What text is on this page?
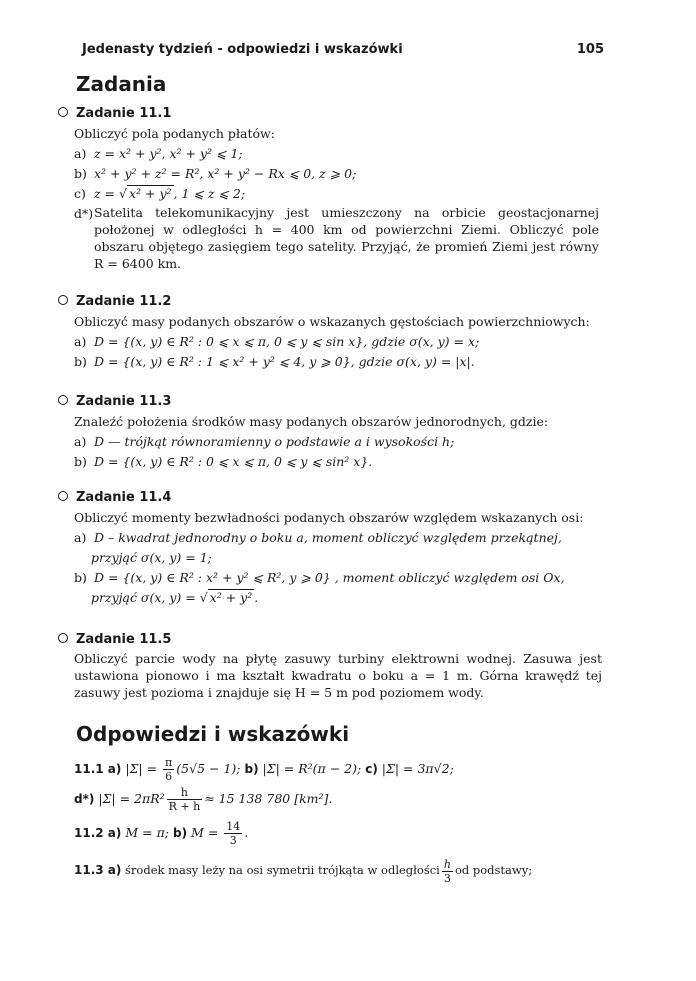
Jedenasty tydzień - odpowiedzi i wskazówki	105
Zadania
Zadanie 11.1
Obliczyć pola podanych płatów:
a) z = x² + y², x² + y² ⩽ 1;
b) x² + y² + z² = R², x² + y² − Rx ⩽ 0, z ⩾ 0;
c) z = √ x² + y² , 1 ⩽ z ⩽ 2;
d*) Satelita telekomunikacyjny jest umieszczony na orbicie geostacjonarnej położonej w odległości h = 400 km od powierzchni Ziemi. Obliczyć pole obszaru objętego zasięgiem tego satelity. Przyjąć, że promień Ziemi jest równy R = 6400 km.
Zadanie 11.2
Obliczyć masy podanych obszarów o wskazanych gęstościach powierzchniowych:
a) D = {(x, y) ∈ R² : 0 ⩽ x ⩽ π, 0 ⩽ y ⩽ sin x}, gdzie σ(x, y) = x;
b) D = {(x, y) ∈ R² : 1 ⩽ x² + y² ⩽ 4, y ⩾ 0}, gdzie σ(x, y) = |x|.
Zadanie 11.3
Znaleźć położenia środków masy podanych obszarów jednorodnych, gdzie:
a) D — trójkąt równoramienny o podstawie a i wysokości h;
b) D = {(x, y) ∈ R² : 0 ⩽ x ⩽ π, 0 ⩽ y ⩽ sin² x}.
Zadanie 11.4
Obliczyć momenty bezwładności podanych obszarów względem wskazanych osi:
a) D – kwadrat jednorodny o boku a, moment obliczyć względem przekątnej,
przyjąć σ(x, y) = 1;
b) D = {(x, y) ∈ R² : x² + y² ⩽ R², y ⩾ 0} , moment obliczyć względem osi Ox,
przyjąć σ(x, y) = √ x² + y² .
Zadanie 11.5
Obliczyć parcie wody na płytę zasuwy turbiny elektrowni wodnej. Zasuwa jest ustawiona pionowo i ma kształt kwadratu o boku a = 1 m. Górna krawędź tej zasuwy jest pozioma i znajduje się H = 5 m pod poziomem wody.
Odpowiedzi i wskazówki
11.1 a) $|\Sigma| = \frac{\pi}{6} (5√5 - 1)$; b) |Σ| = R²(π − 2); c) |Σ| = 3π√2;
d*) $|\Sigma| = 2\pi R^2 \frac{h}{R + h} \approx 15$ 138 780 [km²].
11.2 a) M = π; b) $M = \frac{14}{3}$ .
11.3 a) środek masy leży na osi symetrii trójkąta w odległości $\frac{h}{3}$ od podstawy;
